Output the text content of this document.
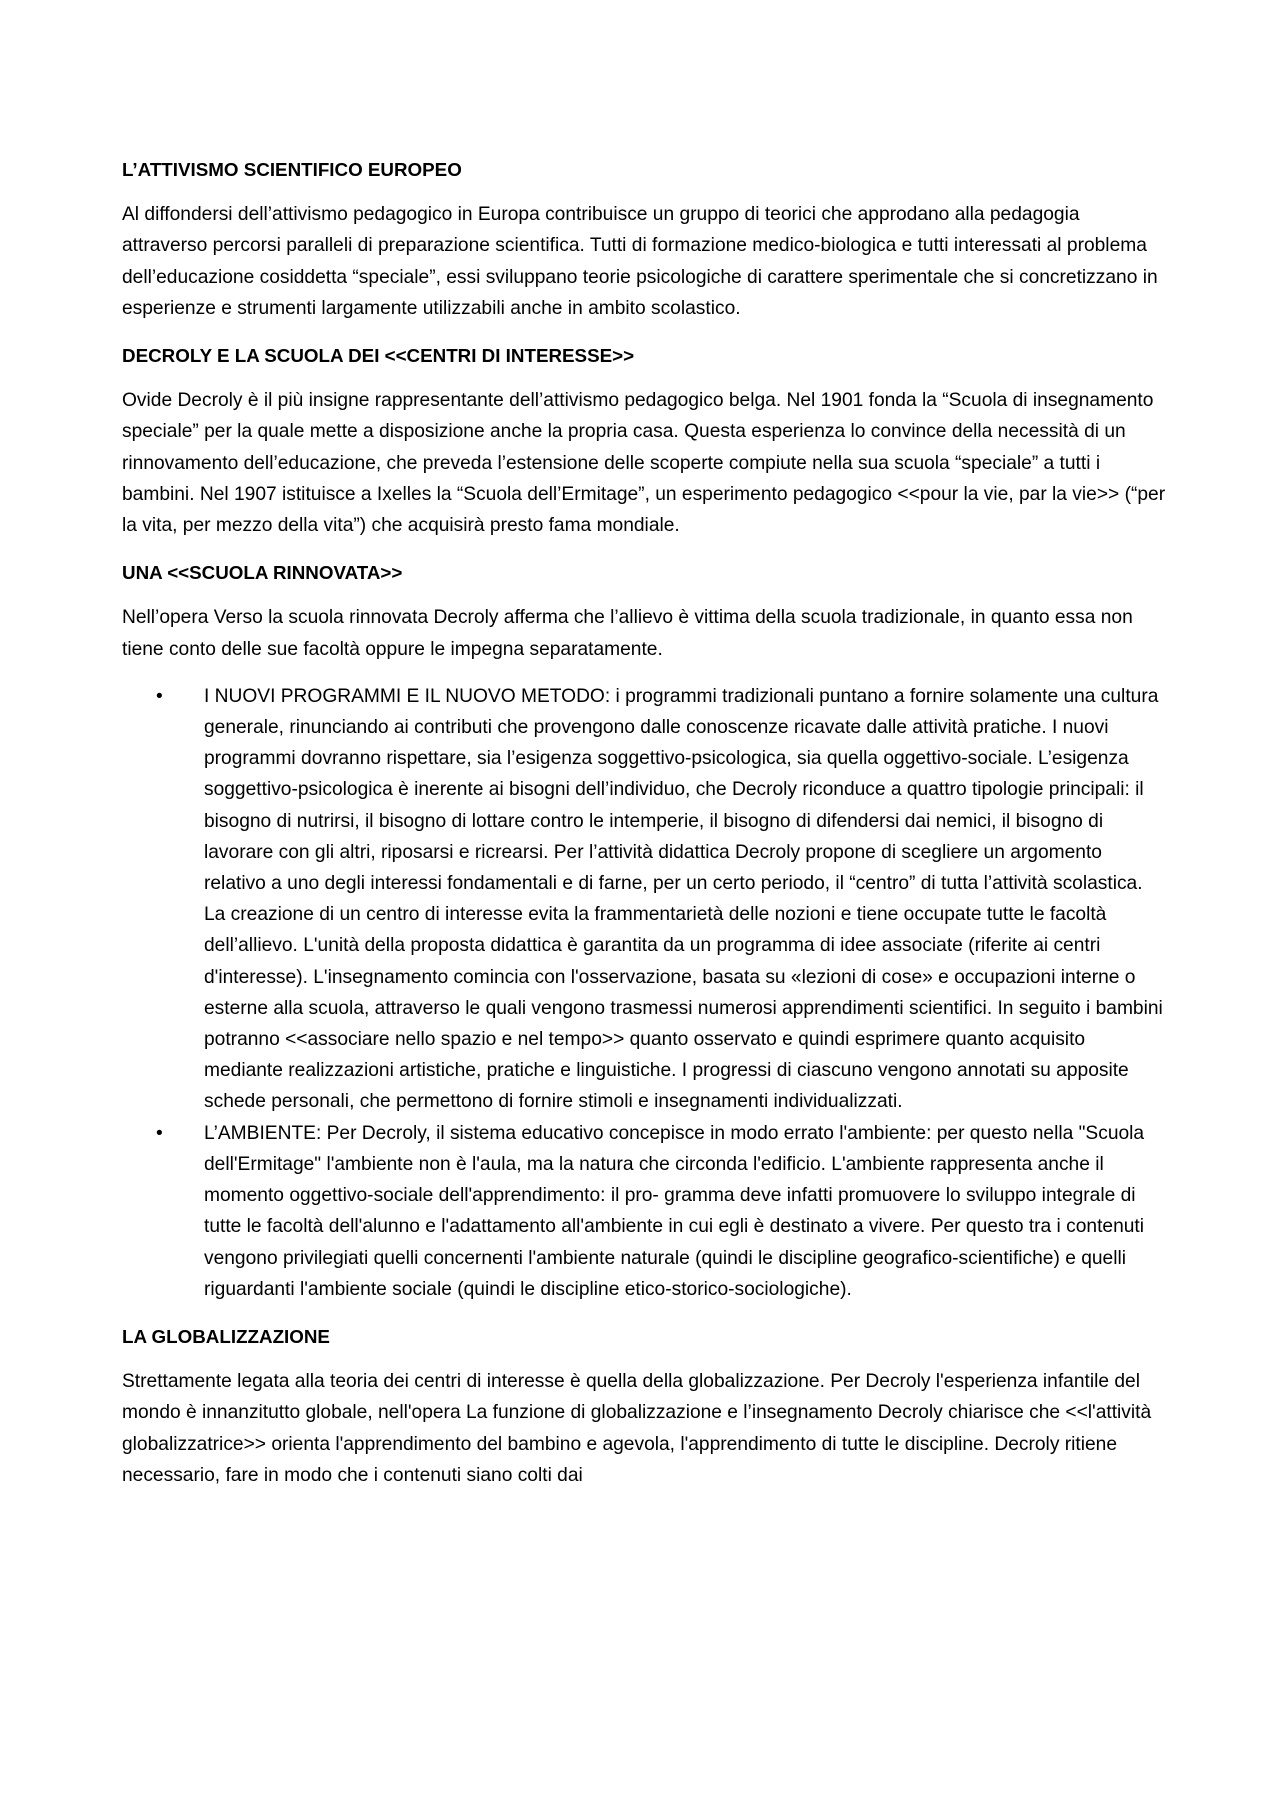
L’ATTIVISMO SCIENTIFICO EUROPEO
Al diffondersi dell’attivismo pedagogico in Europa contribuisce un gruppo di teorici che approdano alla pedagogia attraverso percorsi paralleli di preparazione scientifica. Tutti di formazione medico-biologica e tutti interessati al problema dell’educazione cosiddetta “speciale”, essi sviluppano teorie psicologiche di carattere sperimentale che si concretizzano in esperienze e strumenti largamente utilizzabili anche in ambito scolastico.
DECROLY E LA SCUOLA DEI <<CENTRI DI INTERESSE>>
Ovide Decroly è il più insigne rappresentante dell’attivismo pedagogico belga. Nel 1901 fonda la “Scuola di insegnamento speciale” per la quale mette a disposizione anche la propria casa. Questa esperienza lo convince della necessità di un rinnovamento dell’educazione, che preveda l’estensione delle scoperte compiute nella sua scuola “speciale” a tutti i bambini. Nel 1907 istituisce a Ixelles la “Scuola dell’Ermitage”, un esperimento pedagogico <<pour la vie, par la vie>> (“per la vita, per mezzo della vita”) che acquisirà presto fama mondiale.
UNA <<SCUOLA RINNOVATA>>
Nell’opera Verso la scuola rinnovata Decroly afferma che l’allievo è vittima della scuola tradizionale, in quanto essa non tiene conto delle sue facoltà oppure le impegna separatamente.
• I NUOVI PROGRAMMI E IL NUOVO METODO: i programmi tradizionali puntano a fornire solamente una cultura generale, rinunciando ai contributi che provengono dalle conoscenze ricavate dalle attività pratiche. I nuovi programmi dovranno rispettare, sia l’esigenza soggettivo-psicologica, sia quella oggettivo-sociale. L’esigenza soggettivo-psicologica è inerente ai bisogni dell’individuo, che Decroly riconduce a quattro tipologie principali: il bisogno di nutrirsi, il bisogno di lottare contro le intemperie, il bisogno di difendersi dai nemici, il bisogno di lavorare con gli altri, riposarsi e ricrearsi. Per l’attività didattica Decroly propone di scegliere un argomento relativo a uno degli interessi fondamentali e di farne, per un certo periodo, il “centro” di tutta l’attività scolastica. La creazione di un centro di interesse evita la frammentarietà delle nozioni e tiene occupate tutte le facoltà dell’allievo. L'unità della proposta didattica è garantita da un programma di idee associate (riferite ai centri d'interesse). L'insegnamento comincia con l'osservazione, basata su «lezioni di cose» e occupazioni interne o esterne alla scuola, attraverso le quali vengono trasmessi numerosi apprendimenti scientifici. In seguito i bambini potranno <<associare nello spazio e nel tempo>> quanto osservato e quindi esprimere quanto acquisito mediante realizzazioni artistiche, pratiche e linguistiche. I progressi di ciascuno vengono annotati su apposite schede personali, che permettono di fornire stimoli e insegnamenti individualizzati.
• L’AMBIENTE: Per Decroly, il sistema educativo concepisce in modo errato l'ambiente: per questo nella "Scuola dell'Ermitage" l'ambiente non è l'aula, ma la natura che circonda l'edificio. L'ambiente rappresenta anche il momento oggettivo-sociale dell'apprendimento: il pro- gramma deve infatti promuovere lo sviluppo integrale di tutte le facoltà dell'alunno e l'adattamento all'ambiente in cui egli è destinato a vivere. Per questo tra i contenuti vengono privilegiati quelli concernenti l'ambiente naturale (quindi le discipline geografico-scientifiche) e quelli riguardanti l'ambiente sociale (quindi le discipline etico-storico-sociologiche).
LA GLOBALIZZAZIONE
Strettamente legata alla teoria dei centri di interesse è quella della globalizzazione. Per Decroly l'esperienza infantile del mondo è innanzitutto globale, nell'opera La funzione di globalizzazione e l’insegnamento Decroly chiarisce che <<l'attività globalizzatrice>> orienta l'apprendimento del bambino e agevola, l'apprendimento di tutte le discipline. Decroly ritiene necessario, fare in modo che i contenuti siano colti dai
